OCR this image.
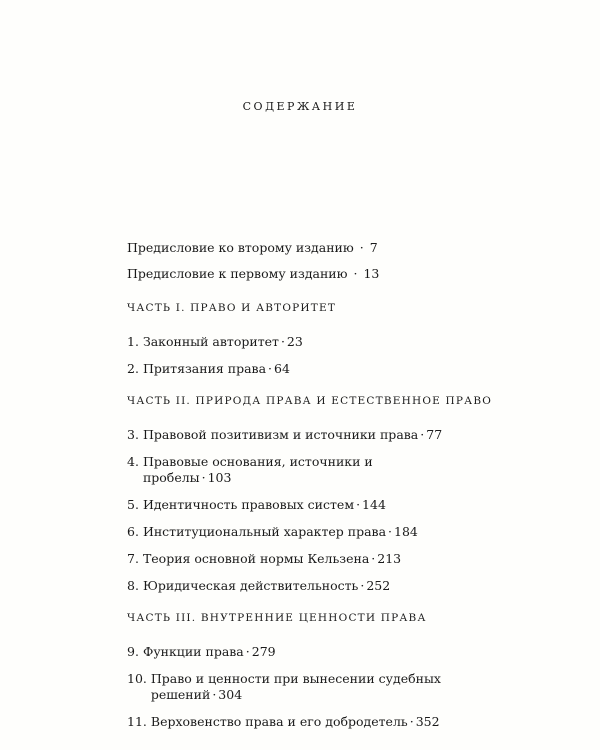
содержание
Предисловие ко второму изданию · 7
Предисловие к первому изданию · 13
ЧАСТЬ I. ПРАВО И АВТОРИТЕТ
1. Законный авторитет · 23
2. Притязания права · 64
ЧАСТЬ II. ПРИРОДА ПРАВА И ЕСТЕСТВЕННОЕ ПРАВО
3. Правовой позитивизм и источники права · 77
4. Правовые основания, источники и пробелы · 103
5. Идентичность правовых систем · 144
6. Институциональный характер права · 184
7. Теория основной нормы Кельзена · 213
8. Юридическая действительность · 252
ЧАСТЬ III. ВНУТРЕННИЕ ЦЕННОСТИ ПРАВА
9. Функции права · 279
10. Право и ценности при вынесении судебных решений · 304
11. Верховенство права и его добродетель · 352
